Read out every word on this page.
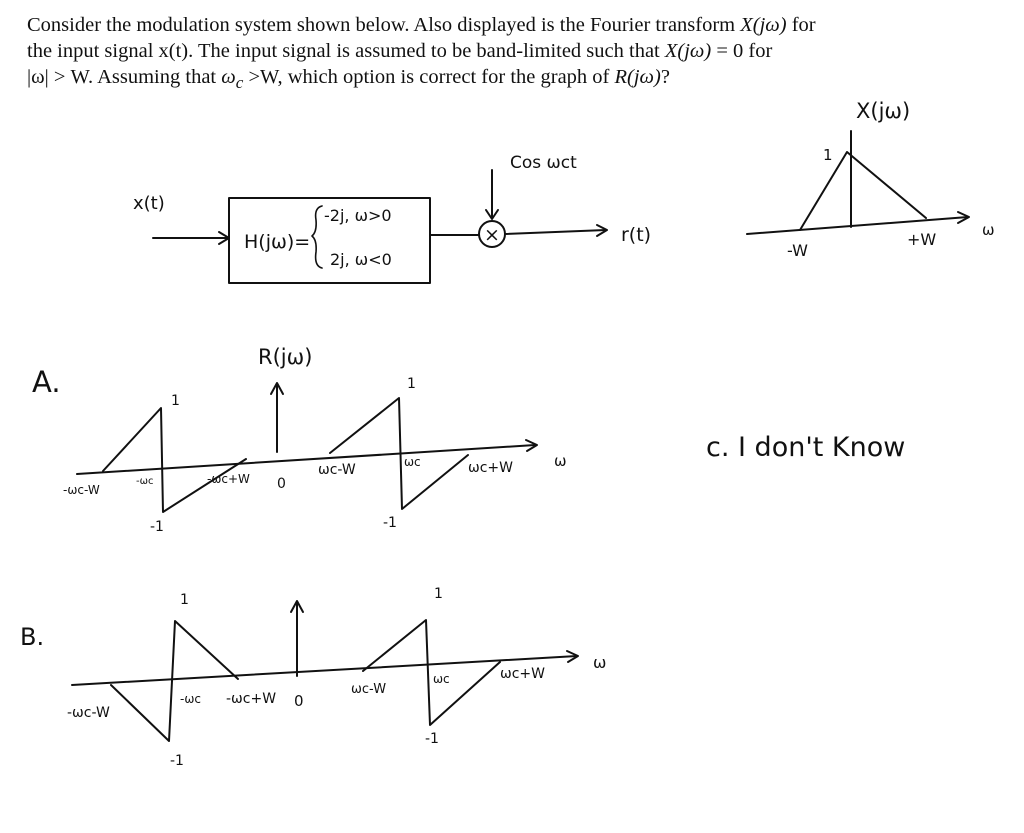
Consider the modulation system shown below. Also displayed is the Fourier transform X(jω) for
the input signal x(t). The input signal is assumed to be band-limited such that X(jω) = 0 for
|ω| > W. Assuming that $\omega_c >W$, which option is correct for the graph of R(jω)?
x(t)
H(jω)=
-2j, ω>0
2j, ω<0
×
Cos ωct
r(t)
X(jω)
ω
1
-W
+W
A.
R(jω)
ω
1
1
-1	-1
-ωc-W
-ωc	-ωc+W 0
ωc-W	ωc	ωc+W
c. I don't Know
B.
ω
1	1
-1
-1
-ωc-W
-ωc -ωc+W 0
ωc-W
ωc	ωc+W
